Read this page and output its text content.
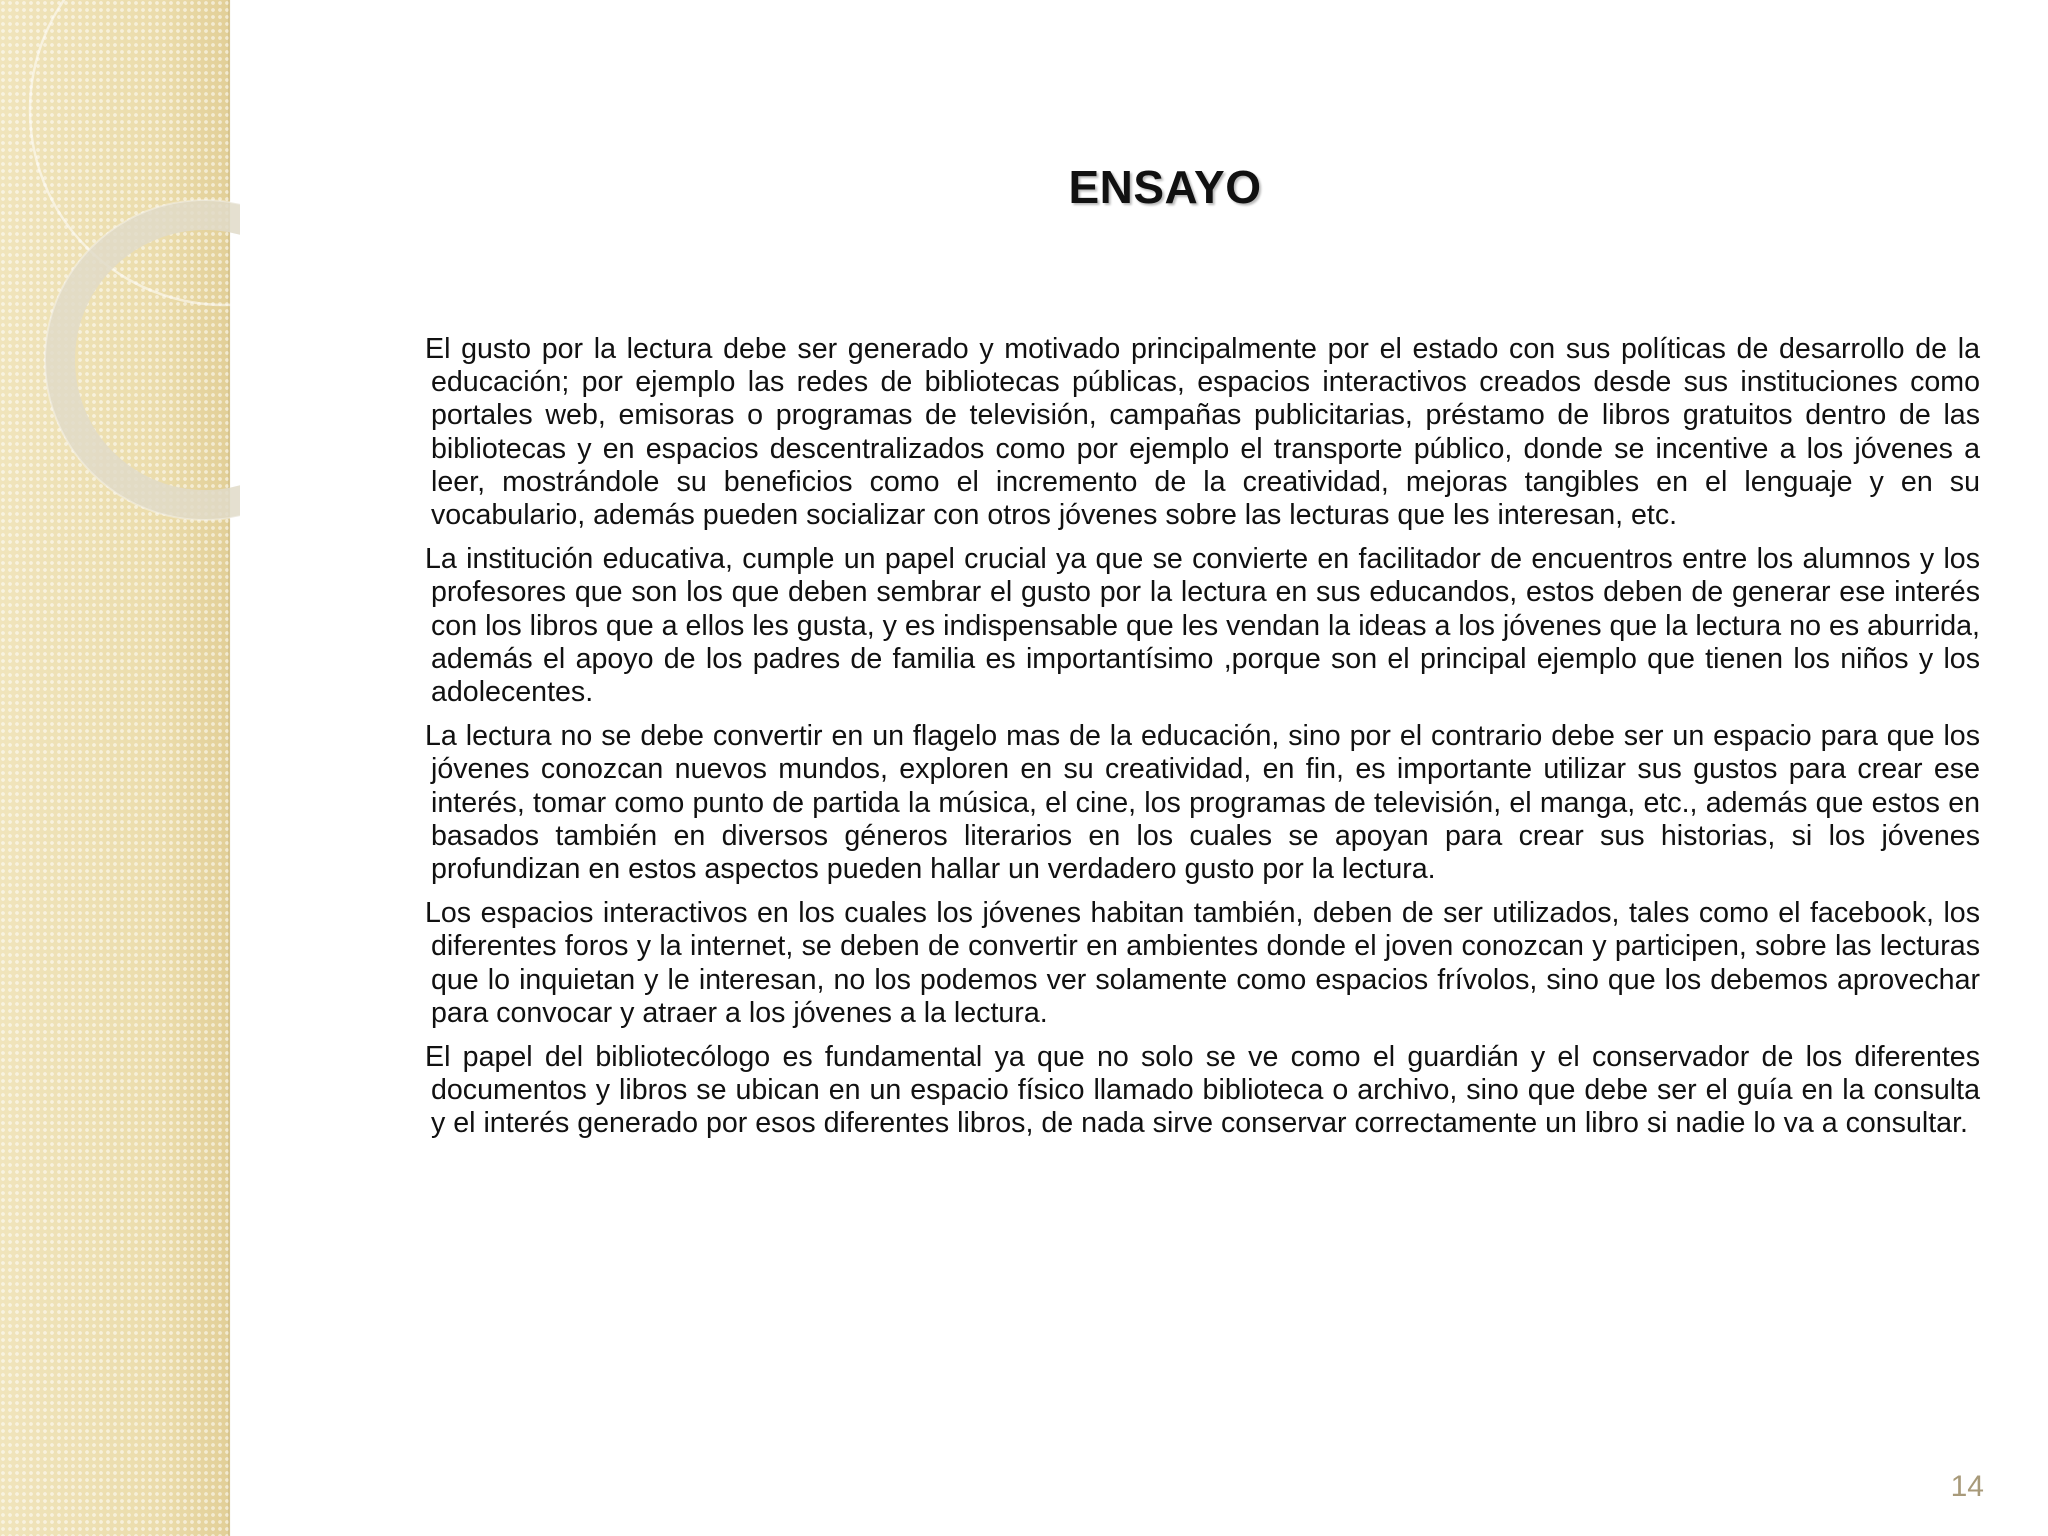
ENSAYO

El gusto por la lectura debe ser generado y motivado principalmente por el estado con sus políticas de desarrollo de la educación; por ejemplo las redes de bibliotecas públicas, espacios interactivos creados desde sus instituciones como portales web, emisoras o programas de televisión, campañas publicitarias, préstamo de libros gratuitos dentro de las bibliotecas y en espacios descentralizados como por ejemplo el transporte público, donde se incentive a los jóvenes a leer, mostrándole su beneficios como el incremento de la creatividad, mejoras tangibles en el lenguaje y en su vocabulario, además pueden socializar con otros jóvenes sobre las lecturas que les interesan, etc.

La institución educativa, cumple un papel crucial ya que se convierte en facilitador de encuentros entre los alumnos y los profesores que son los que deben sembrar el gusto por la lectura en sus educandos, estos deben de generar ese interés con los libros que a ellos les gusta, y es indispensable que les vendan la ideas a los jóvenes que la lectura no es aburrida, además el apoyo de los padres de familia es importantísimo ,porque son el principal ejemplo que tienen los niños y los adolecentes.

La lectura no se debe convertir en un flagelo mas de la educación, sino por el contrario debe ser un espacio para que los jóvenes conozcan nuevos mundos, exploren en su creatividad, en fin, es importante utilizar sus gustos para crear ese interés, tomar como punto de partida la música, el cine, los programas de televisión, el manga, etc., además que estos en basados también en diversos géneros literarios en los cuales se apoyan para crear sus historias, si los jóvenes profundizan en estos aspectos pueden hallar un verdadero gusto por la lectura.

Los espacios interactivos en los cuales los jóvenes habitan también, deben de ser utilizados, tales como el facebook, los diferentes foros y la internet, se deben de convertir en ambientes donde el joven conozcan y participen, sobre las lecturas que lo inquietan y le interesan, no los podemos ver solamente como espacios frívolos, sino que los debemos aprovechar para convocar y atraer a los jóvenes a la lectura.

El papel del bibliotecólogo es fundamental ya que no solo se ve como el guardián y el conservador de los diferentes documentos y libros se ubican en un espacio físico llamado biblioteca o archivo, sino que debe ser el guía en la consulta y el interés generado por esos diferentes libros, de nada sirve conservar correctamente un libro si nadie lo va a consultar.

14
